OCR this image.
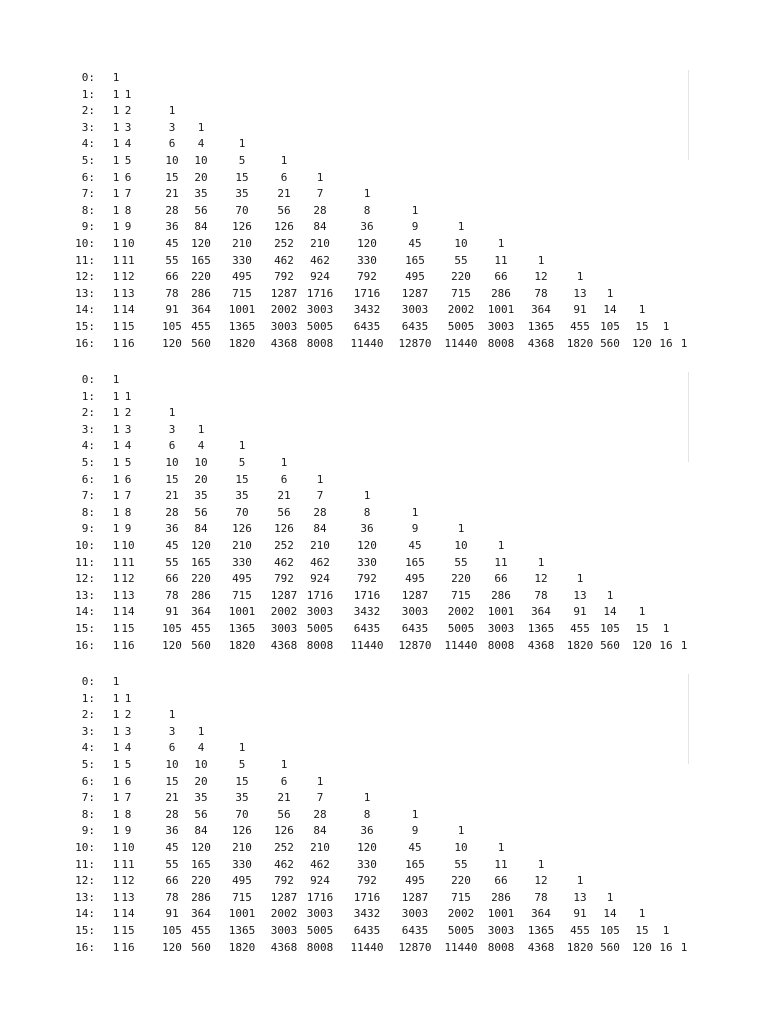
0:	1
1:	1 1
2:	1 2	1
3:	1 3	3	1
4:	1 4	6	4	1
5:	1 5	10	10	5	1
6:	1 6	15	20	15	6	1
7:	1 7	21	35	35	21	7	1
8:	1 8	28	56	70	56	28	8	1
9:	1 9	36	84	126	126	84	36	9	1
10:	1 10	45	120	210	252	210	120	45	10	1
11:	1 11	55	165	330	462	462	330	165	55	11	1
12:	1 12	66	220	495	792	924	792	495	220	66	12	1
13:	1 13	78	286	715	1287 1716	1716	1287	715	286	78	13	1
14:	1 14	91	364	1001	2002 3003	3432	3003	2002	1001	364	91	14	1
15:	1 15	105 455	1365	3003 5005	6435	6435	5005	3003	1365	455 105	15	1
16:	1 16	120 560	1820	4368 8008	11440	12870	11440 8008	4368	1820 560	120 16 1
0:	1
1:	1 1
2:	1 2	1
3:	1 3	3	1
4:	1 4	6	4	1
5:	1 5	10	10	5	1
6:	1 6	15	20	15	6	1
7:	1 7	21	35	35	21	7	1
8:	1 8	28	56	70	56	28	8	1
9:	1 9	36	84	126	126	84	36	9	1
10:	1 10	45	120	210	252	210	120	45	10	1
11:	1 11	55	165	330	462	462	330	165	55	11	1
12:	1 12	66	220	495	792	924	792	495	220	66	12	1
13:	1 13	78	286	715	1287 1716	1716	1287	715	286	78	13	1
14:	1 14	91	364	1001	2002 3003	3432	3003	2002	1001	364	91	14	1
15:	1 15	105 455	1365	3003 5005	6435	6435	5005	3003	1365	455 105	15	1
16:	1 16	120 560	1820	4368 8008	11440	12870	11440 8008	4368	1820 560	120 16 1
0:	1
1:	1 1
2:	1 2	1
3:	1 3	3	1
4:	1 4	6	4	1
5:	1 5	10	10	5	1
6:	1 6	15	20	15	6	1
7:	1 7	21	35	35	21	7	1
8:	1 8	28	56	70	56	28	8	1
9:	1 9	36	84	126	126	84	36	9	1
10:	1 10	45	120	210	252	210	120	45	10	1
11:	1 11	55	165	330	462	462	330	165	55	11	1
12:	1 12	66	220	495	792	924	792	495	220	66	12	1
13:	1 13	78	286	715	1287 1716	1716	1287	715	286	78	13	1
14:	1 14	91	364	1001	2002 3003	3432	3003	2002	1001	364	91	14	1
15:	1 15	105 455	1365	3003 5005	6435	6435	5005	3003	1365	455 105	15	1
16:	1 16	120 560	1820	4368 8008	11440	12870	11440 8008	4368	1820 560	120 16 1
